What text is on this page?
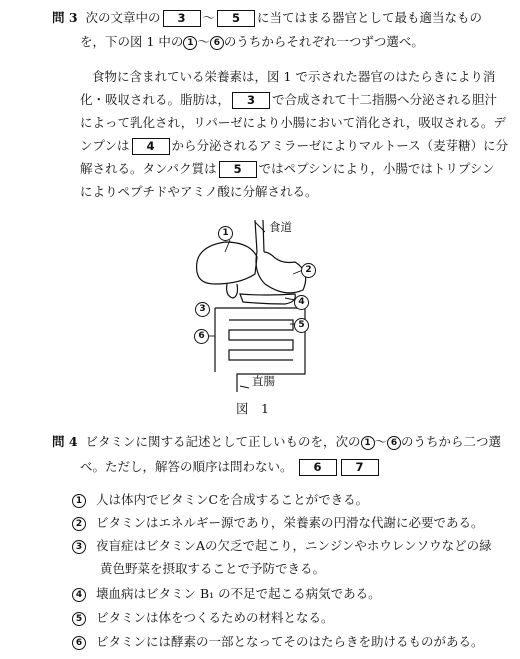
問 3 次の文章中の 3 〜 5 に当てはまる器官として最も適当なもの
を，下の図 1 中の 1 〜 6 のうちからそれぞれ一つずつ選べ。
食物に含まれている栄養素は，図 1 で示された器官のはたらきにより消
化・吸収される。脂肪は， 3 で合成されて十二指腸へ分泌される胆汁
によって乳化され，リパーゼにより小腸において消化され，吸収される。デ
ンプンは 4 から分泌されるアミラーゼによりマルトース（麦芽糖）に分
解される。タンパク質は 5 ではペプシンにより，小腸ではトリプシン
によりペプチドやアミノ酸に分解される。
食道
直腸
1
2
3
4
5
6
図　1
問 4 ビタミンに関する記述として正しいものを，次の 1 〜 6 のうちから二つ選
べ。ただし，解答の順序は問わない。 6	7
1 人は体内でビタミンCを合成することができる。
2 ビタミンはエネルギー源であり，栄養素の円滑な代謝に必要である。
3 夜盲症はビタミンAの欠乏で起こり，ニンジンやホウレンソウなどの緑
黄色野菜を摂取することで予防できる。
4 壊血病はビタミン B₁ の不足で起こる病気である。
5 ビタミンは体をつくるための材料となる。
6 ビタミンには酵素の一部となってそのはたらきを助けるものがある。
